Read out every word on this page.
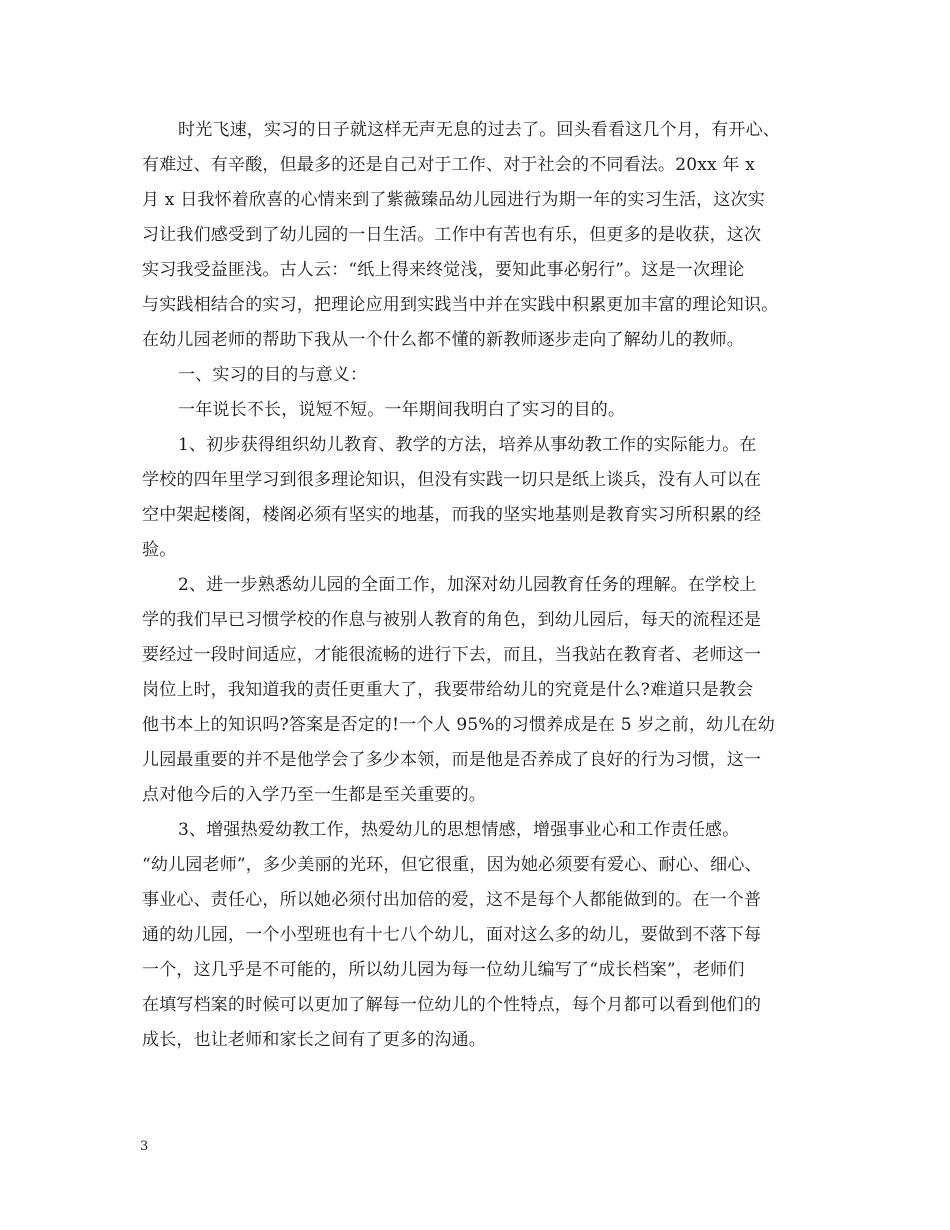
时光飞速，实习的日子就这样无声无息的过去了。回头看看这几个月，有开心、
有难过、有辛酸，但最多的还是自己对于工作、对于社会的不同看法。20xx 年 x
月 x 日我怀着欣喜的心情来到了紫薇臻品幼儿园进行为期一年的实习生活，这次实
习让我们感受到了幼儿园的一日生活。工作中有苦也有乐，但更多的是收获，这次
实习我受益匪浅。古人云：“纸上得来终觉浅，要知此事必躬行”。这是一次理论
与实践相结合的实习，把理论应用到实践当中并在实践中积累更加丰富的理论知识。
在幼儿园老师的帮助下我从一个什么都不懂的新教师逐步走向了解幼儿的教师。
一、实习的目的与意义：
一年说长不长，说短不短。一年期间我明白了实习的目的。
1、初步获得组织幼儿教育、教学的方法，培养从事幼教工作的实际能力。在
学校的四年里学习到很多理论知识，但没有实践一切只是纸上谈兵，没有人可以在
空中架起楼阁，楼阁必须有坚实的地基，而我的坚实地基则是教育实习所积累的经
验。
2、进一步熟悉幼儿园的全面工作，加深对幼儿园教育任务的理解。在学校上
学的我们早已习惯学校的作息与被别人教育的角色，到幼儿园后，每天的流程还是
要经过一段时间适应，才能很流畅的进行下去，而且，当我站在教育者、老师这一
岗位上时，我知道我的责任更重大了，我要带给幼儿的究竟是什么?难道只是教会
他书本上的知识吗?答案是否定的!一个人 95%的习惯养成是在 5 岁之前，幼儿在幼
儿园最重要的并不是他学会了多少本领，而是他是否养成了良好的行为习惯，这一
点对他今后的入学乃至一生都是至关重要的。
3、增强热爱幼教工作，热爱幼儿的思想情感，增强事业心和工作责任感。
“幼儿园老师”，多少美丽的光环，但它很重，因为她必须要有爱心、耐心、细心、
事业心、责任心，所以她必须付出加倍的爱，这不是每个人都能做到的。在一个普
通的幼儿园，一个小型班也有十七八个幼儿，面对这么多的幼儿，要做到不落下每
一个，这几乎是不可能的，所以幼儿园为每一位幼儿编写了“成长档案”，老师们
在填写档案的时候可以更加了解每一位幼儿的个性特点，每个月都可以看到他们的
成长，也让老师和家长之间有了更多的沟通。
3
